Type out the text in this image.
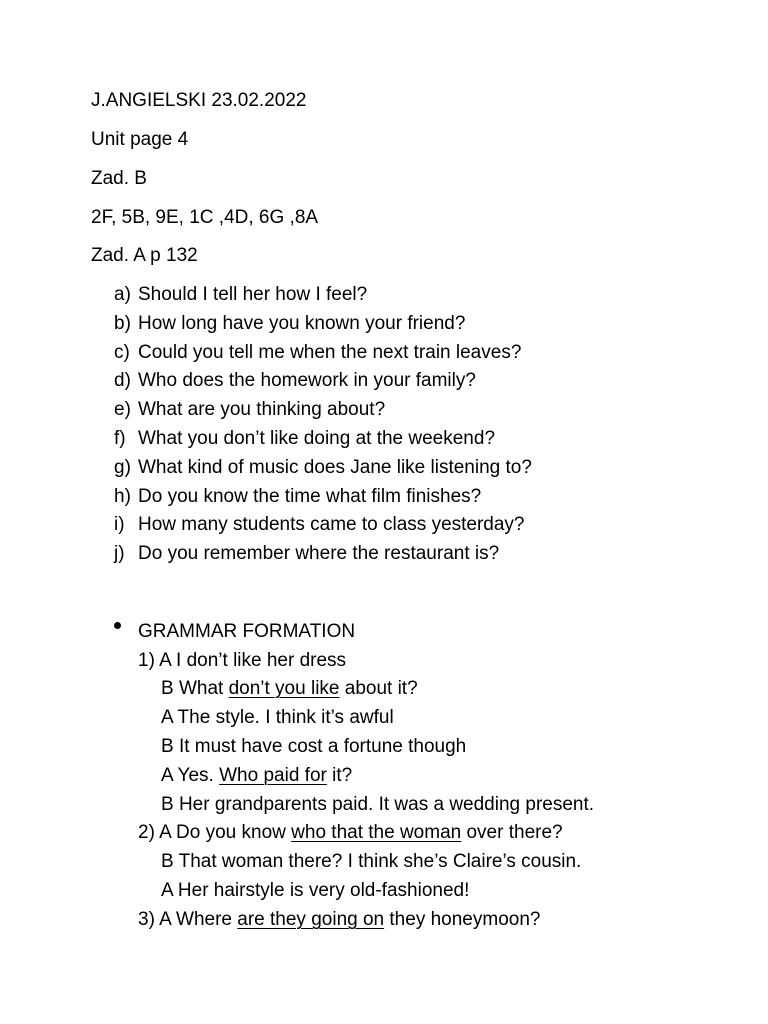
J.ANGIELSKI 23.02.2022
Unit page 4
Zad. B
2F, 5B, 9E, 1C ,4D, 6G ,8A
Zad. A p 132
a) Should I tell her how I feel?
b) How long have you known your friend?
c) Could you tell me when the next train leaves?
d) Who does the homework in your family?
e) What are you thinking about?
f) What you don’t like doing at the weekend?
g) What kind of music does Jane like listening to?
h) Do you know the time what film finishes?
i) How many students came to class yesterday?
j) Do you remember where the restaurant is?
GRAMMAR FORMATION
1) A I don’t like her dress
B What don’t you like about it?
A The style. I think it’s awful
B It must have cost a fortune though
A Yes. Who paid for it?
B Her grandparents paid. It was a wedding present.
2) A Do you know who that the woman over there?
B That woman there? I think she’s Claire’s cousin.
A Her hairstyle is very old-fashioned!
3) A Where are they going on they honeymoon?
